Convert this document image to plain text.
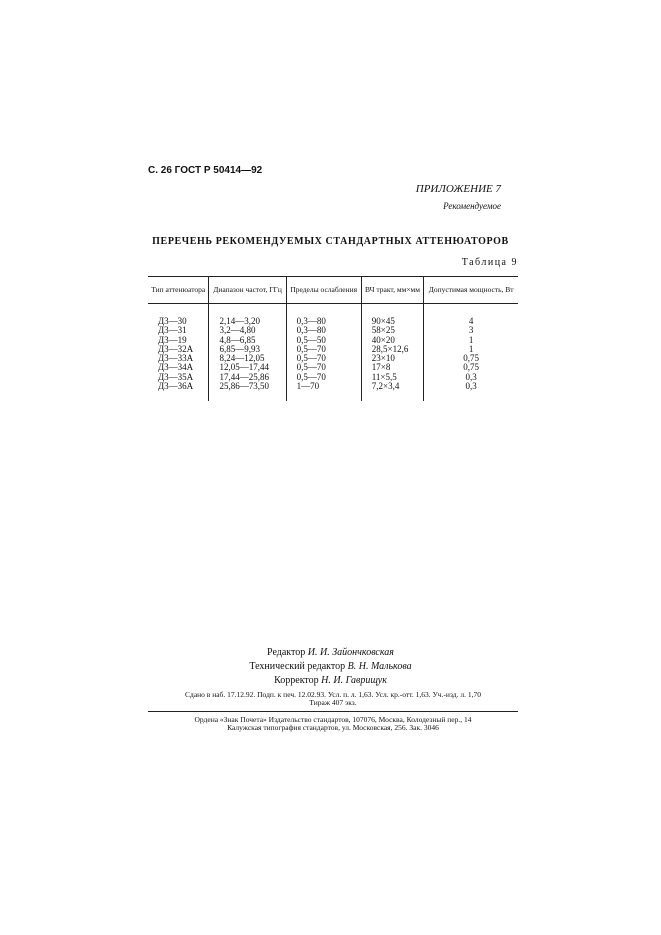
С. 26 ГОСТ Р 50414—92
ПРИЛОЖЕНИЕ 7
Рекомендуемое
ПЕРЕЧЕНЬ РЕКОМЕНДУЕМЫХ СТАНДАРТНЫХ АТТЕНЮАТОРОВ
Таблица 9
Тип аттенюатора	Диапазон частот, ГГц	Пределы ослабления	ВЧ тракт, мм×мм	Допустимая мощность, Вт
Д3—30	2,14—3,20	0,3—80	90×45	4
Д3—31	3,2—4,80	0,3—80	58×25	3
Д3—19	4,8—6,85	0,5—50	40×20	1
Д3—32А	6,85—9,93	0,5—70	28,5×12,6	1
Д3—33А	8,24—12,05	0,5—70	23×10	0,75
Д3—34А	12,05—17,44	0,5—70	17×8	0,75
Д3—35А	17,44—25,86	0,5—70	11×5,5	0,3
Д3—36А	25,86—73,50	1—70	7,2×3,4	0,3
Редактор И. И. Зайончковская
Технический редактор В. Н. Малькова
Корректор Н. И. Гаврищук
Сдано в наб. 17.12.92. Подп. к печ. 12.02.93. Усл. п. л. 1,63. Усл. кр.-отт. 1,63. Уч.-изд. л. 1,70
Тираж 407 экз.
Ордена «Знак Почета» Издательство стандартов, 107076, Москва, Колодезный пер., 14
Калужская типография стандартов, ул. Московская, 256. Зак. 3046
